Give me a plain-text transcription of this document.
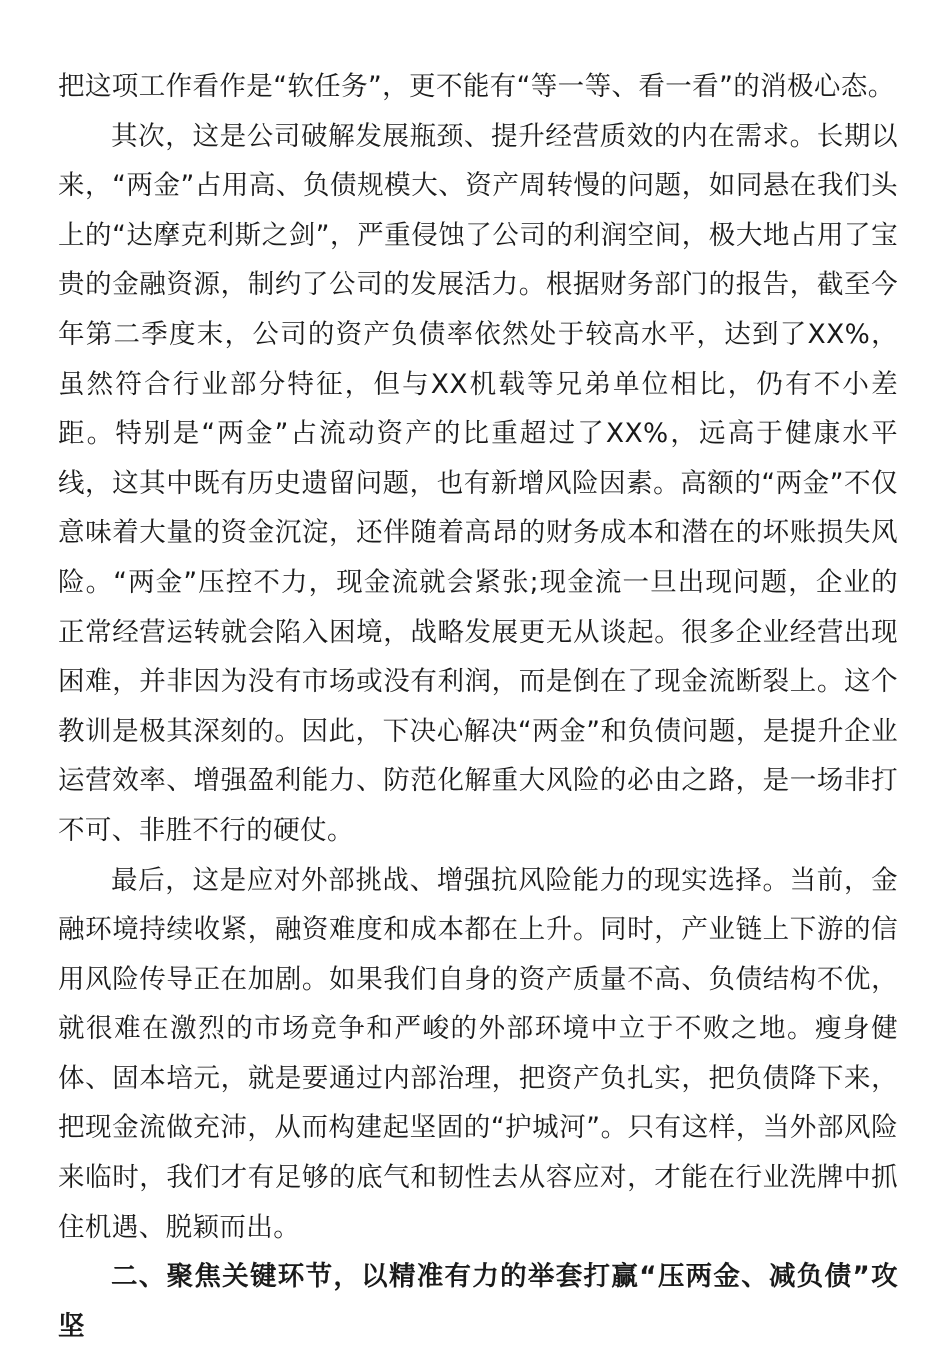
把这项工作看作是“软任务”，更不能有“等一等、看一看”的消极心态。

其次，这是公司破解发展瓶颈、提升经营质效的内在需求。长期以来，“两金”占用高、负债规模大、资产周转慢的问题，如同悬在我们头上的“达摩克利斯之剑”，严重侵蚀了公司的利润空间，极大地占用了宝贵的金融资源，制约了公司的发展活力。根据财务部门的报告，截至今年第二季度末，公司的资产负债率依然处于较高水平，达到了XX%，虽然符合行业部分特征，但与XX机载等兄弟单位相比，仍有不小差距。特别是“两金”占流动资产的比重超过了XX%，远高于健康水平线，这其中既有历史遗留问题，也有新增风险因素。高额的“两金”不仅意味着大量的资金沉淀，还伴随着高昂的财务成本和潜在的坏账损失风险。“两金”压控不力，现金流就会紧张;现金流一旦出现问题，企业的正常经营运转就会陷入困境，战略发展更无从谈起。很多企业经营出现困难，并非因为没有市场或没有利润，而是倒在了现金流断裂上。这个教训是极其深刻的。因此，下决心解决“两金”和负债问题，是提升企业运营效率、增强盈利能力、防范化解重大风险的必由之路，是一场非打不可、非胜不行的硬仗。

最后，这是应对外部挑战、增强抗风险能力的现实选择。当前，金融环境持续收紧，融资难度和成本都在上升。同时，产业链上下游的信用风险传导正在加剧。如果我们自身的资产质量不高、负债结构不优，就很难在激烈的市场竞争和严峻的外部环境中立于不败之地。瘦身健体、固本培元，就是要通过内部治理，把资产负扎实，把负债降下来，把现金流做充沛，从而构建起坚固的“护城河”。只有这样，当外部风险来临时，我们才有足够的底气和韧性去从容应对，才能在行业洗牌中抓住机遇、脱颖而出。

二、聚焦关键环节，以精准有力的举套打赢“压两金、减负债”攻坚
